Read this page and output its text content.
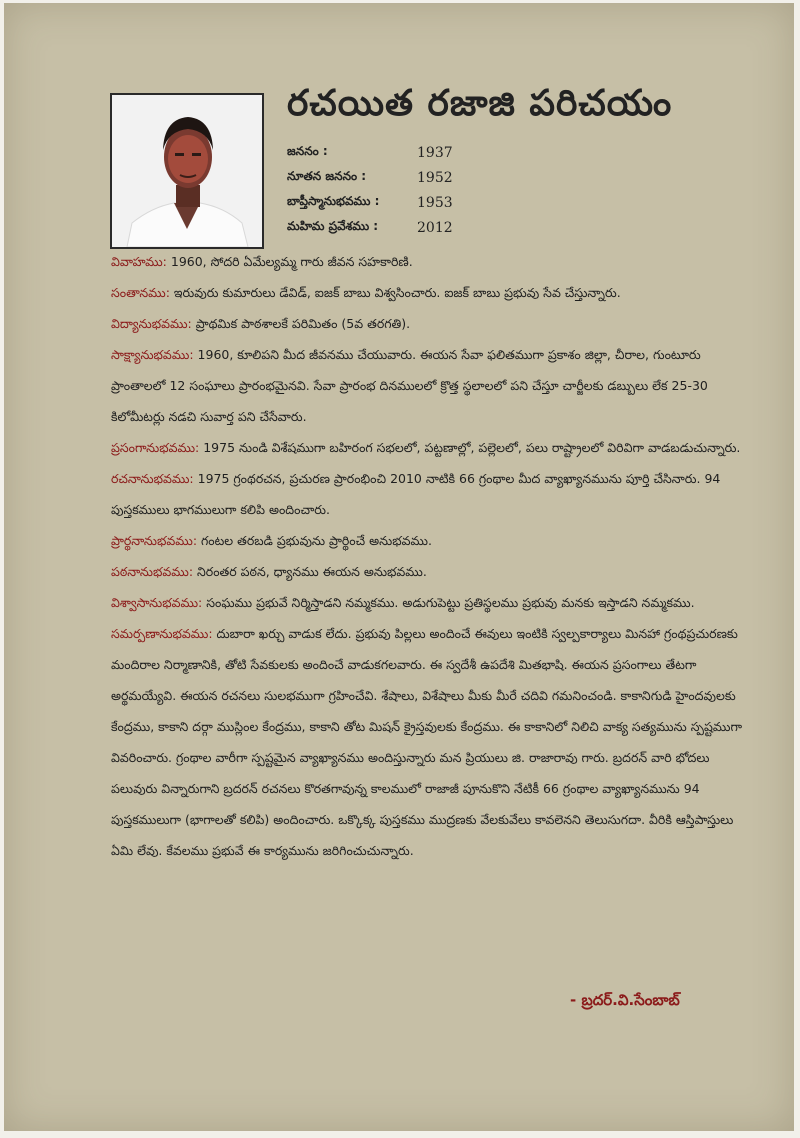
రచయిత రజాజి పరిచయం
జననం :	1937
నూతన జననం :	1952
బాప్తీస్మానుభవము :	1953
మహిమ ప్రవేశము :	2012

వివాహము: 1960, సోదరి ఏమేల్యమ్మ గారు జీవన సహకారిణి.

సంతానము: ఇరువురు కుమారులు డేవిడ్, ఐజక్ బాబు విశ్వసించారు. ఐజక్ బాబు ప్రభువు సేవ చేస్తున్నారు.

విద్యానుభవము: ప్రాథమిక పాఠశాలకే పరిమితం (5వ తరగతి).

సాక్ష్యానుభవము: 1960, కూలిపని మీద జీవనము చేయువారు. ఈయన సేవా ఫలితముగా ప్రకాశం జిల్లా, చీరాల, గుంటూరు ప్రాంతాలలో 12 సంఘాలు ప్రారంభమైనవి. సేవా ప్రారంభ దినములలో క్రొత్త స్థలాలలో పని చేస్తూ చార్జీలకు డబ్బులు లేక 25-30 కిలోమీటర్లు నడచి సువార్త పని చేసేవారు.

ప్రసంగానుభవము: 1975 నుండి విశేషముగా బహిరంగ సభలలో, పట్టణాల్లో, పల్లెలలో, పలు రాష్ట్రాలలో విరివిగా వాడబడుచున్నారు.

రచనానుభవము: 1975 గ్రంథరచన, ప్రచురణ ప్రారంభించి 2010 నాటికి 66 గ్రంథాల మీద వ్యాఖ్యానమును పూర్తి చేసినారు. 94 పుస్తకములు భాగములుగా కలిపి అందించారు.

ప్రార్థనానుభవము: గంటల తరబడి ప్రభువును ప్రార్థించే అనుభవము.

పఠనానుభవము: నిరంతర పఠన, ధ్యానము ఈయన అనుభవము.

విశ్వాసానుభవము: సంఘము ప్రభువే నిర్మిస్తాడని నమ్మకము. అడుగుపెట్టు ప్రతిస్థలము ప్రభువు మనకు ఇస్తాడని నమ్మకము.

సమర్పణానుభవము: దుబారా ఖర్చు వాడుక లేదు. ప్రభువు పిల్లలు అందించే ఈవులు ఇంటికి స్వల్పకార్యాలు మినహా గ్రంథప్రచురణకు మందిరాల నిర్మాణానికి, తోటి సేవకులకు అందించే వాడుకగలవారు. ఈ స్వదేశీ ఉపదేశి మితభాషి. ఈయన ప్రసంగాలు తేటగా అర్థమయ్యేవి. ఈయన రచనలు సులభముగా గ్రహించేవి. శేషాలు, విశేషాలు మీకు మీరే చదివి గమనించండి. కాకానిగుడి హైందవులకు కేంద్రము, కాకాని దర్గా ముస్లింల కేంద్రము, కాకాని తోట మిషన్ క్రైస్తవులకు కేంద్రము. ఈ కాకానిలో నిలిచి వాక్య సత్యమును స్పష్టముగా వివరించారు. గ్రంథాల వారీగా స్పష్టమైన వ్యాఖ్యానము అందిస్తున్నారు మన ప్రియులు జి. రాజారావు గారు. బ్రదరన్ వారి భోదలు పలువురు విన్నారుగాని బ్రదరన్ రచనలు కొరతగావున్న కాలములో రాజాజీ పూనుకొని నేటికీ 66 గ్రంథాల వ్యాఖ్యానమును 94 పుస్తకములుగా (భాగాలతో కలిపి) అందించారు. ఒక్కొక్క పుస్తకము ముద్రణకు వేలకువేలు కావలెనని తెలుసుగదా. వీరికి ఆస్తిపాస్తులు ఏమి లేవు. కేవలము ప్రభువే ఈ కార్యమును జరిగించుచున్నారు.

- బ్రదర్.వి.సేంబాబ్
